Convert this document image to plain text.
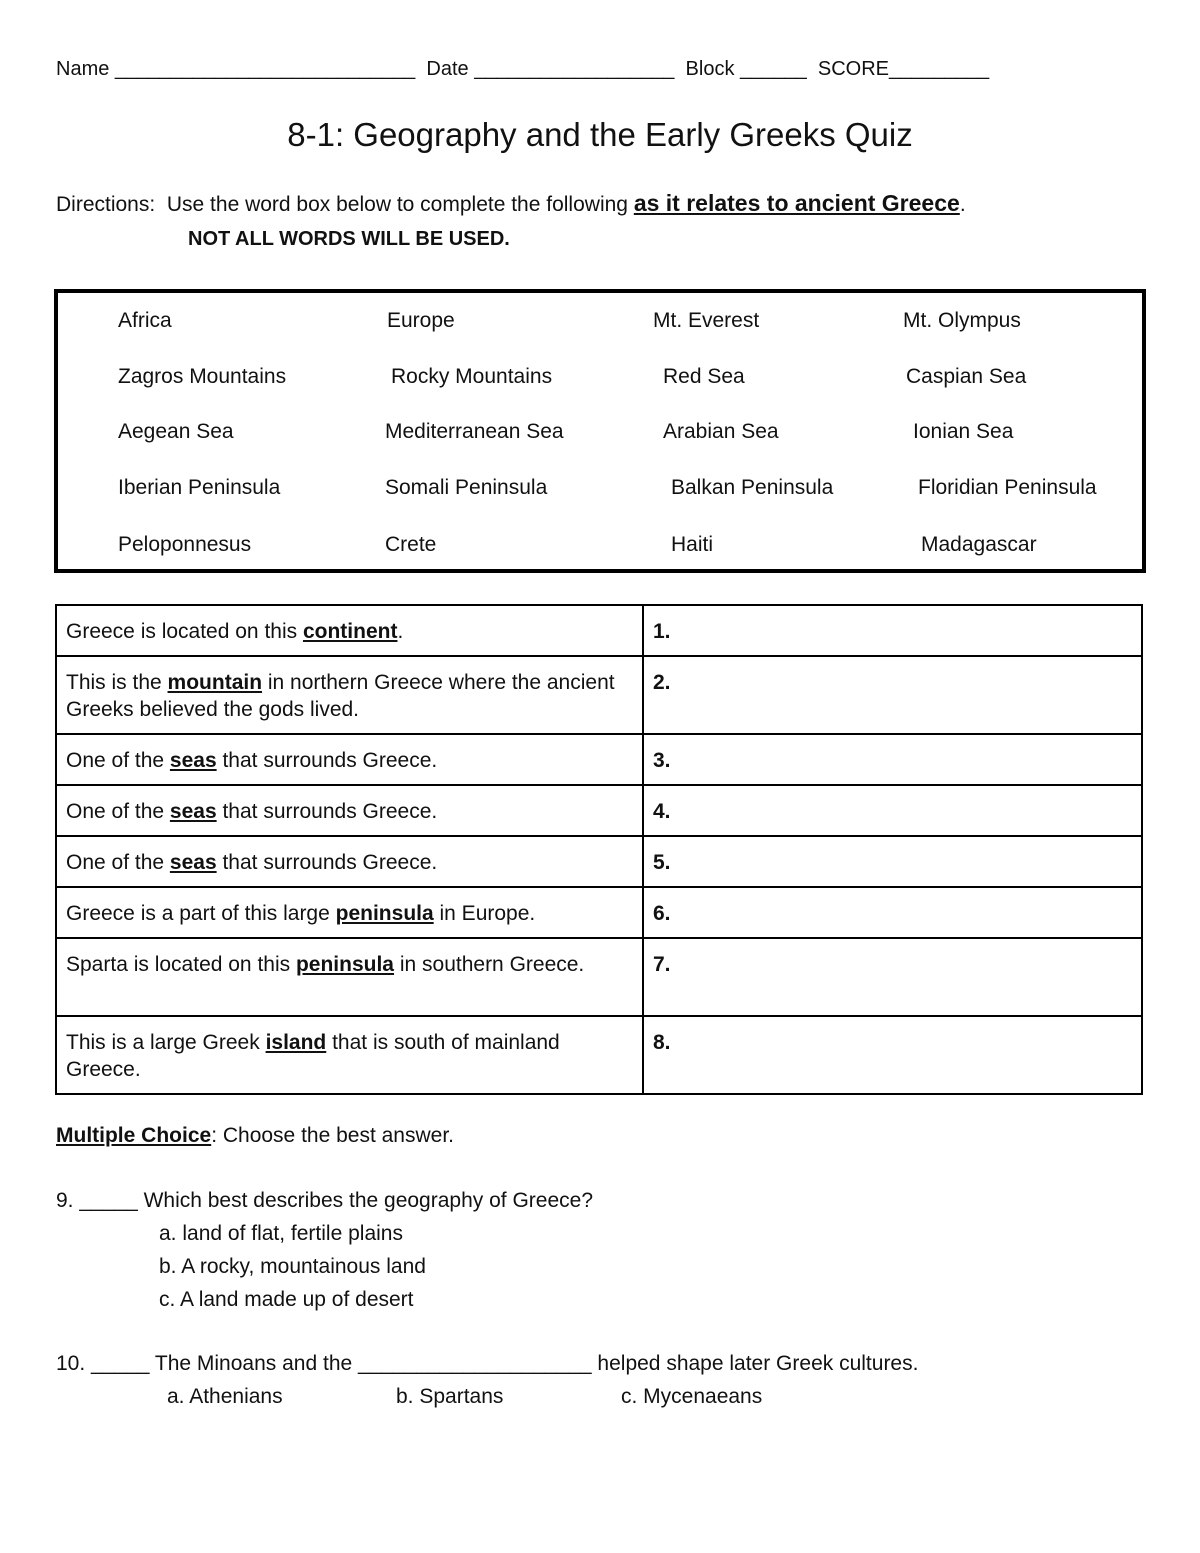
Name ___________________________ Date __________________ Block ______ SCORE_________
8-1: Geography and the Early Greeks Quiz
Directions: Use the word box below to complete the following as it relates to ancient Greece.
NOT ALL WORDS WILL BE USED.
Africa	Europe	Mt. Everest	Mt. Olympus
Zagros Mountains	Rocky Mountains	Red Sea	Caspian Sea
Aegean Sea	Mediterranean Sea	Arabian Sea	Ionian Sea
Iberian Peninsula	Somali Peninsula	Balkan Peninsula	Floridian Peninsula
Peloponnesus	Crete	Haiti	Madagascar
Greece is located on this continent.	1.
This is the mountain in northern Greece where the ancient Greeks believed the gods lived.	2.
One of the seas that surrounds Greece.	3.
One of the seas that surrounds Greece.	4.
One of the seas that surrounds Greece.	5.
Greece is a part of this large peninsula in Europe.	6.
Sparta is located on this peninsula in southern Greece.	7.
This is a large Greek island that is south of mainland Greece.	8.
Multiple Choice: Choose the best answer.
9. _____ Which best describes the geography of Greece?
a. land of flat, fertile plains
b. A rocky, mountainous land
c. A land made up of desert
10. _____ The Minoans and the ____________________ helped shape later Greek cultures.
a. Athenians	b. Spartans	c. Mycenaeans
